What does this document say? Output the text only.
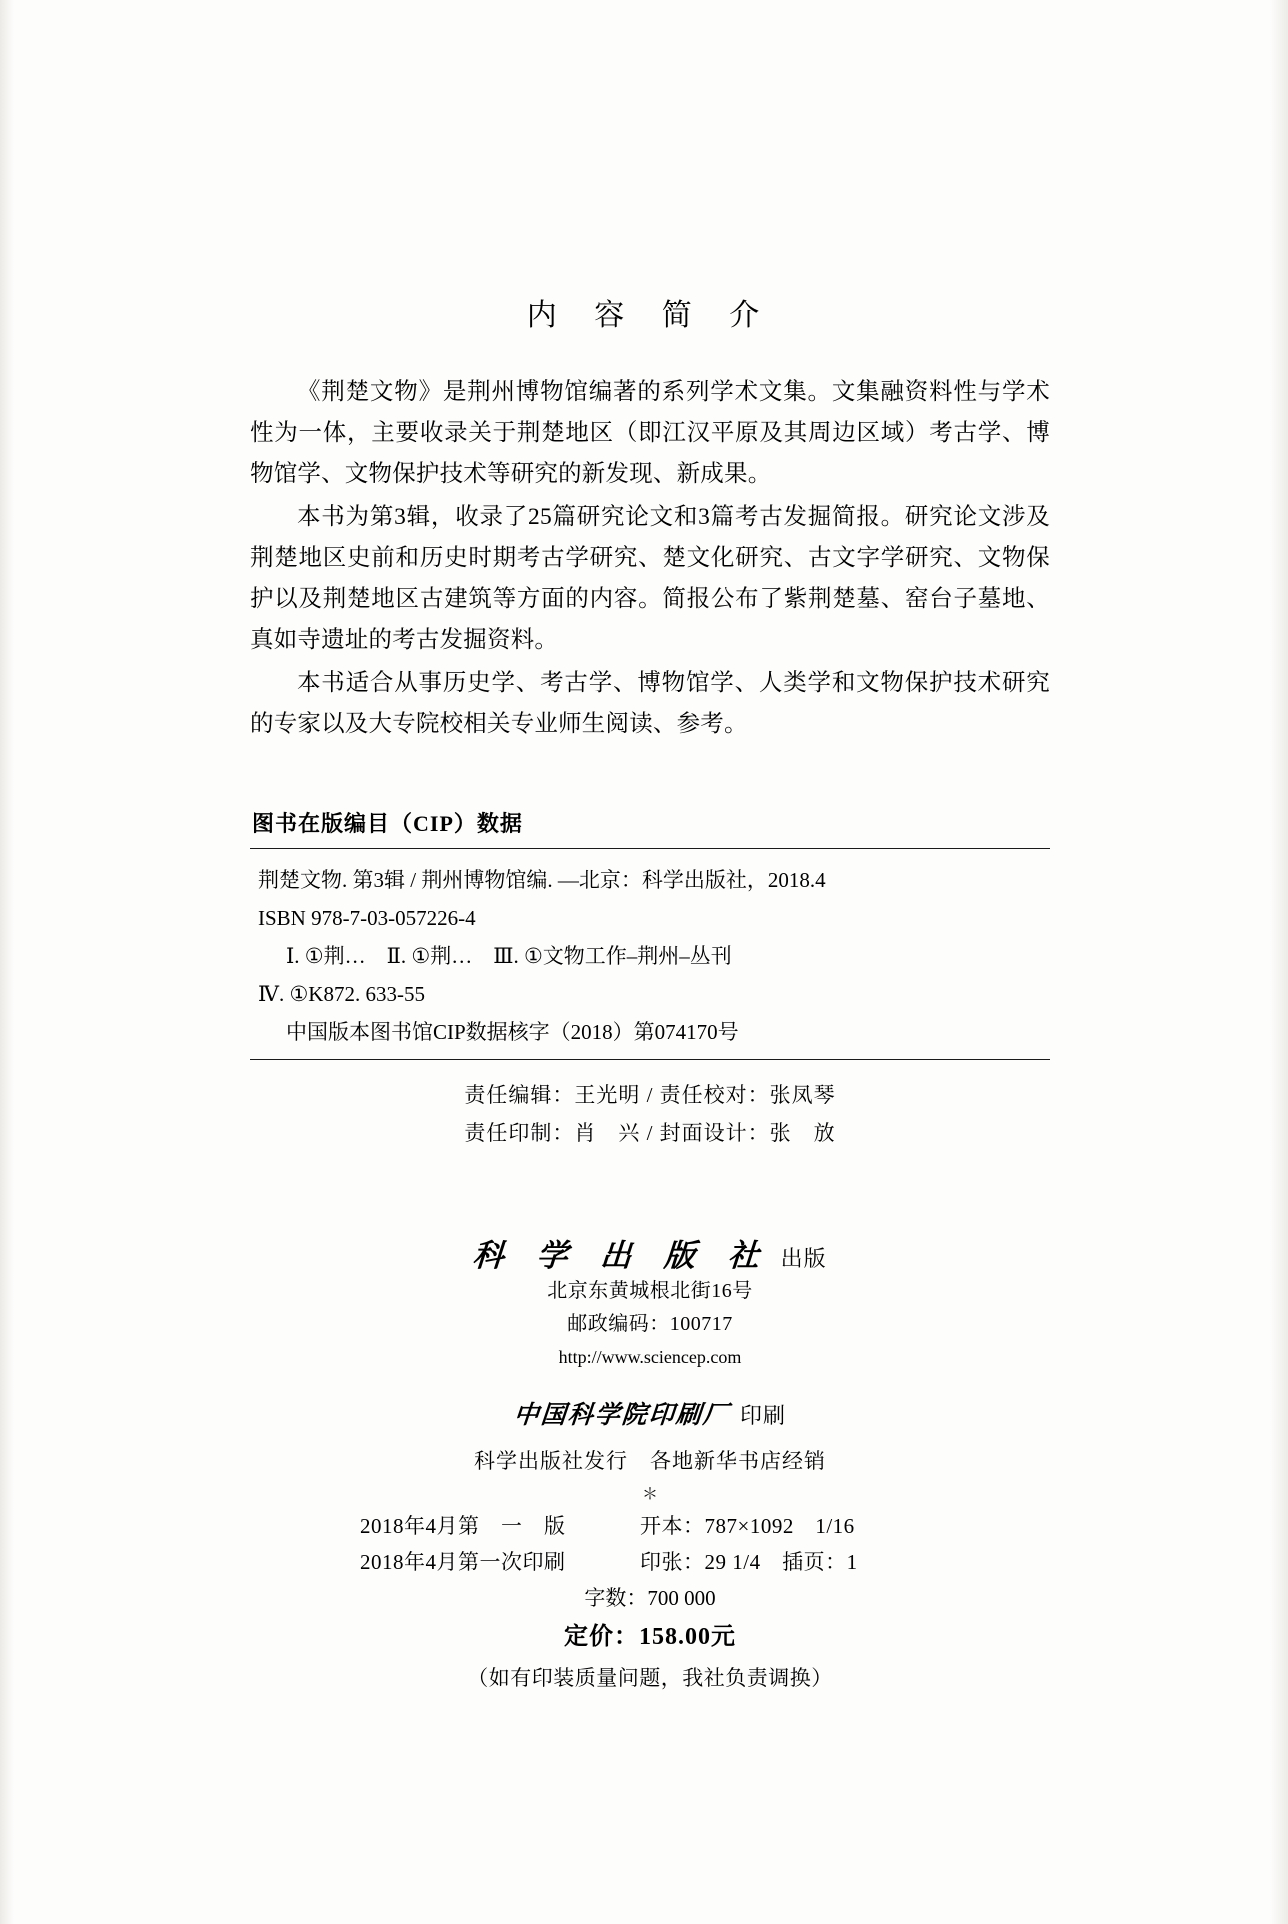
内 容 简 介

《荆楚文物》是荆州博物馆编著的系列学术文集。文集融资料性与学术性为一体，主要收录关于荆楚地区（即江汉平原及其周边区域）考古学、博物馆学、文物保护技术等研究的新发现、新成果。

本书为第3辑，收录了25篇研究论文和3篇考古发掘简报。研究论文涉及荆楚地区史前和历史时期考古学研究、楚文化研究、古文字学研究、文物保护以及荆楚地区古建筑等方面的内容。简报公布了紫荆楚墓、窑台子墓地、真如寺遗址的考古发掘资料。

本书适合从事历史学、考古学、博物馆学、人类学和文物保护技术研究的专家以及大专院校相关专业师生阅读、参考。

图书在版编目（CIP）数据
荆楚文物. 第3辑 / 荆州博物馆编. —北京：科学出版社，2018.4
ISBN 978-7-03-057226-4
Ⅰ. ①荆…　Ⅱ. ①荆…　Ⅲ. ①文物工作–荆州–丛刊
Ⅳ. ①K872. 633-55
中国版本图书馆CIP数据核字（2018）第074170号
责任编辑：王光明 / 责任校对：张凤琴
责任印制：肖　兴 / 封面设计：张　放
科 学 出 版 社 出版
北京东黄城根北街16号
邮政编码：100717
http://www.sciencep.com
中国科学院印刷厂 印刷
科学出版社发行　各地新华书店经销
＊
2018年4月第　一　版	开本：787×1092　1/16
2018年4月第一次印刷	印张：29 1/4　插页：1
字数：700 000
定价：158.00元
（如有印装质量问题，我社负责调换）
